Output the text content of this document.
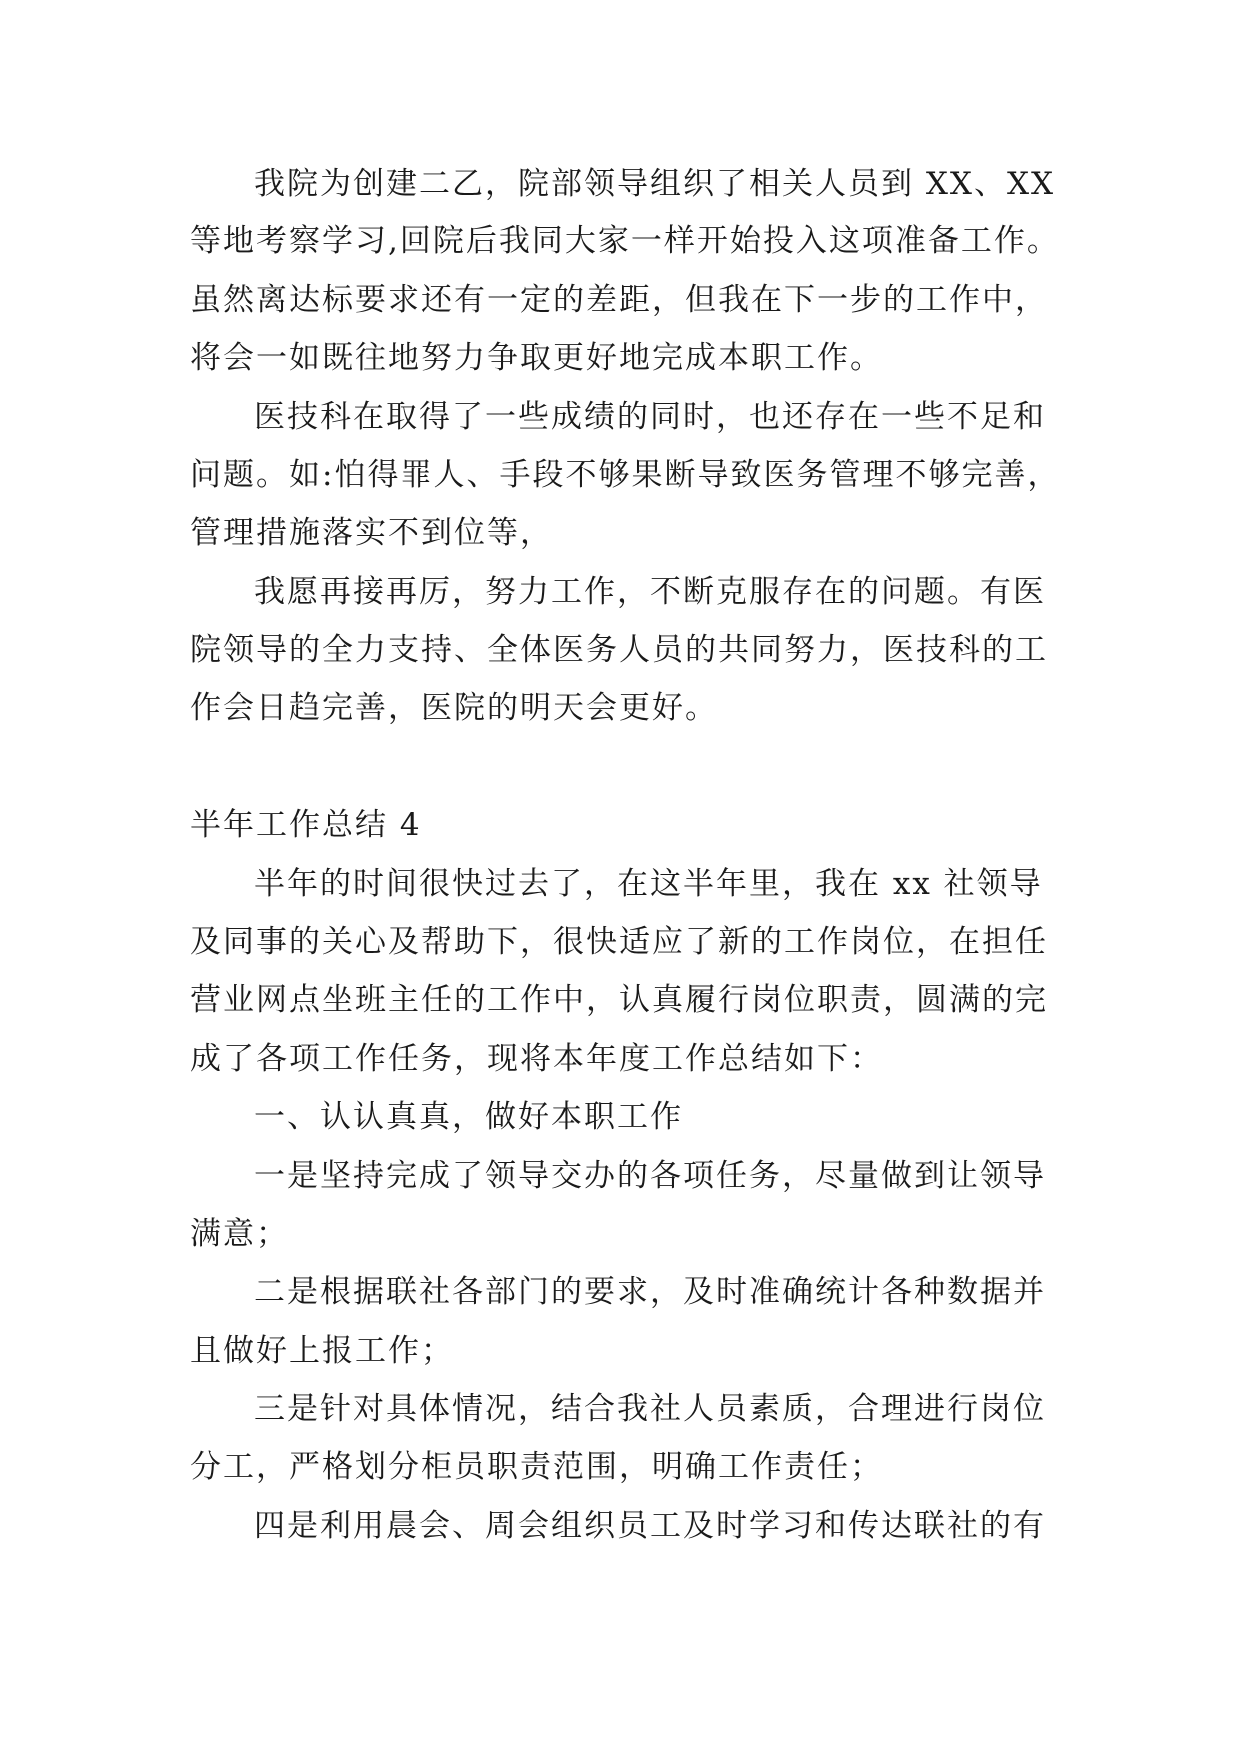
我院为创建二乙，院部领导组织了相关人员到 XX、XX
等地考察学习,回院后我同大家一样开始投入这项准备工作。
虽然离达标要求还有一定的差距，但我在下一步的工作中，
将会一如既往地努力争取更好地完成本职工作。
医技科在取得了一些成绩的同时，也还存在一些不足和
问题。如:怕得罪人、手段不够果断导致医务管理不够完善，
管理措施落实不到位等，
我愿再接再厉，努力工作，不断克服存在的问题。有医
院领导的全力支持、全体医务人员的共同努力，医技科的工
作会日趋完善，医院的明天会更好。
半年工作总结 4
半年的时间很快过去了，在这半年里，我在 xx 社领导
及同事的关心及帮助下，很快适应了新的工作岗位，在担任
营业网点坐班主任的工作中，认真履行岗位职责，圆满的完
成了各项工作任务，现将本年度工作总结如下：
一、认认真真，做好本职工作
一是坚持完成了领导交办的各项任务，尽量做到让领导
满意；
二是根据联社各部门的要求，及时准确统计各种数据并
且做好上报工作；
三是针对具体情况，结合我社人员素质，合理进行岗位
分工，严格划分柜员职责范围，明确工作责任；
四是利用晨会、周会组织员工及时学习和传达联社的有
